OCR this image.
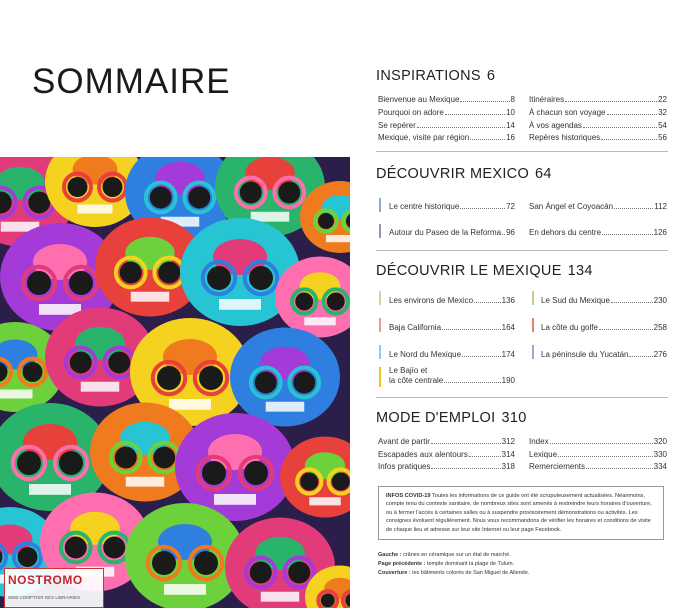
SOMMAIRE
NOSTROMO
WEB COMPTOIR DES LIBRAIRIES
INSPIRATIONS 6
Bienvenue au Mexique	8
Pourquoi on adore	10
Se repérer	14
Mexique, visite par région	16
Itinéraires	22
À chacun son voyage	32
À vos agendas	54
Repères historiques	56
DÉCOUVRIR MEXICO 64
Le centre historique	72
Autour du Paseo de la Reforma 96
San Ángel et Coyoacán	112
En dehors du centre	126
DÉCOUVRIR LE MEXIQUE 134
Les environs de Mexico	136
Baja California	164
Le Nord du Mexique	174
Le Bajío et
la côte centrale	190
Le Sud du Mexique	230
La côte du golfe	258
La péninsule du Yucatán	276
MODE D'EMPLOI 310
Avant de partir	312
Escapades aux alentours	314
Infos pratiques	318
Index	320
Lexique	330
Remerciements	334
INFOS COVID-19 Toutes les informations de ce guide ont été scrupuleusement actualisées. Néanmoins, compte tenu du contexte sanitaire, de nombreux sites sont amenés à restreindre leurs horaires d'ouverture, ou à fermer l'accès à certaines salles ou à suspendre provisoirement démonstrations ou activités. Les consignes évoluent régulièrement. Nous vous recommandons de vérifier les horaires et conditions de visite de chaque lieu et adresse sur leur site Internet ou leur page Facebook.
Gauche : crânes en céramique sur un étal de marché.
Page précédente : temple dominant la plage de Tulum.
Couverture : les bâtiments colorés de San Miguel de Allende.
